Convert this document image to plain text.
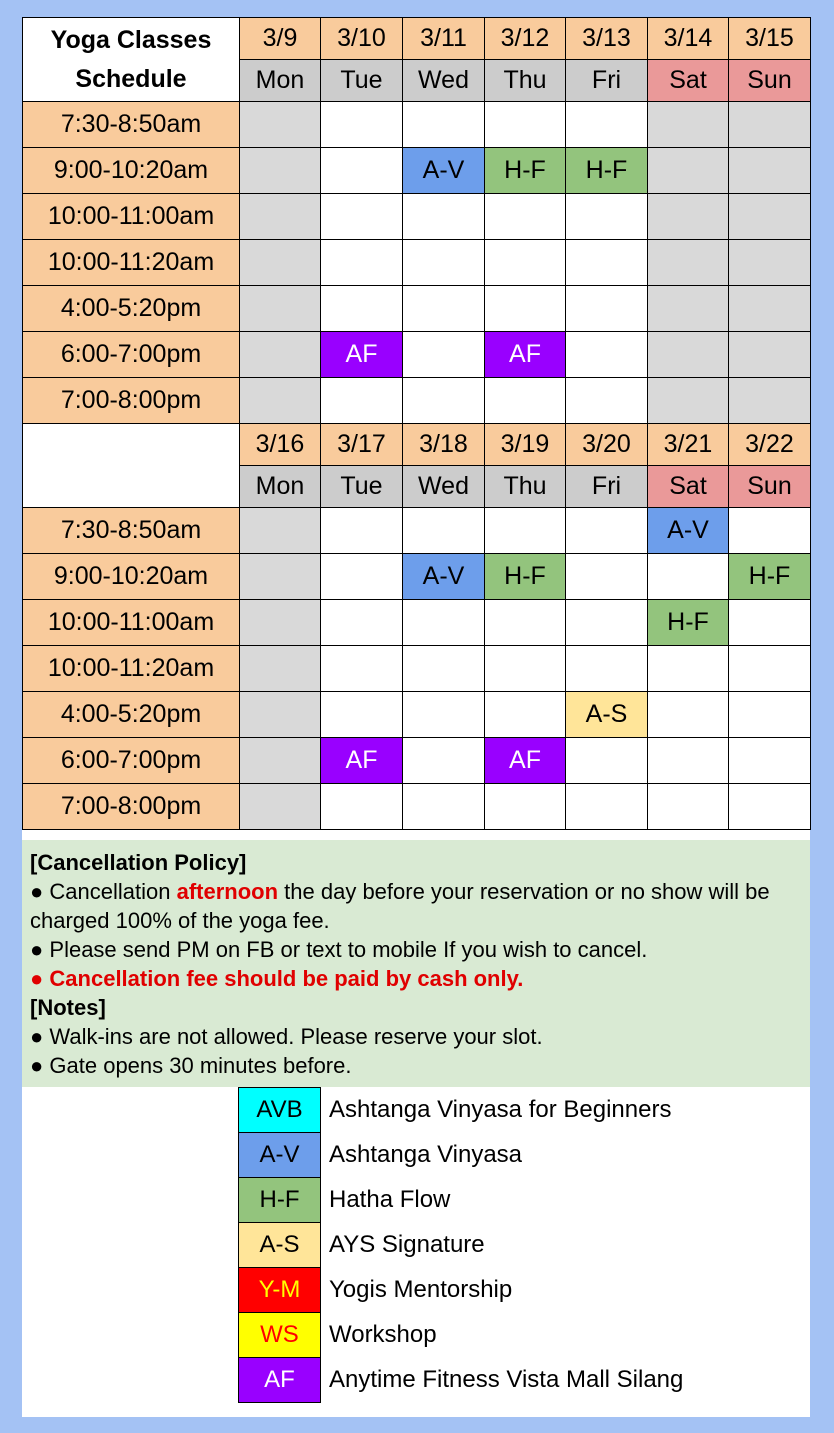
Yoga Classes
Schedule	3/9	3/10	3/11	3/12	3/13	3/14	3/15
	Mon	Tue	Wed	Thu	Fri	Sat	Sun
7:30-8:50am							
9:00-10:20am			A-V	H-F	H-F		
10:00-11:00am							
10:00-11:20am							
4:00-5:20pm							
6:00-7:00pm		AF		AF			
7:00-8:00pm							
	3/16	3/17	3/18	3/19	3/20	3/21	3/22
	Mon	Tue	Wed	Thu	Fri	Sat	Sun
7:30-8:50am						A-V	
9:00-10:20am			A-V	H-F			H-F
10:00-11:00am						H-F	
10:00-11:20am							
4:00-5:20pm					A-S		
6:00-7:00pm		AF		AF			
7:00-8:00pm							
[Cancellation Policy]
● Cancellation afternoon the day before your reservation or no show will be charged 100% of the yoga fee.
● Please send PM on FB or text to mobile If you wish to cancel.
● Cancellation fee should be paid by cash only.
[Notes]
● Walk-ins are not allowed. Please reserve your slot.
● Gate opens 30 minutes before.
AVB	Ashtanga Vinyasa for Beginners
A-V	Ashtanga Vinyasa
H-F	Hatha Flow
A-S	AYS Signature
Y-M	Yogis Mentorship
WS	Workshop
AF	Anytime Fitness Vista Mall Silang
